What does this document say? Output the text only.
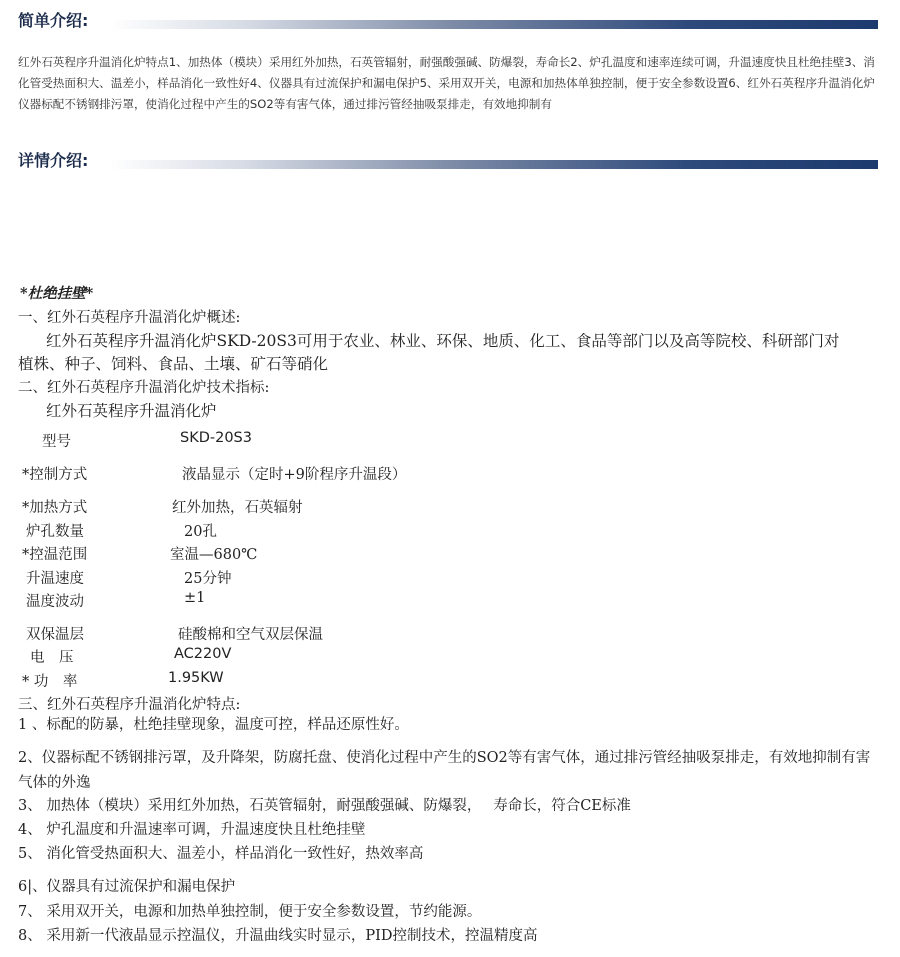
简单介绍:
红外石英程序升温消化炉特点1、加热体（模块）采用红外加热，石英管辐射，耐强酸强碱、防爆裂，寿命长2、炉孔温度和速率连续可调，升温速度快且杜绝挂壁3、消化管受热面积大、温差小，样品消化一致性好4、仪器具有过流保护和漏电保护5、采用双开关，电源和加热体单独控制，便于安全参数设置6、红外石英程序升温消化炉仪器标配不锈钢排污罩，使消化过程中产生的SO2等有害气体，通过排污管经抽吸泵排走，有效地抑制有
详情介绍:
*杜绝挂壁*
一、红外石英程序升温消化炉概述:
红外石英程序升温消化炉SKD-20S3可用于农业、林业、环保、地质、化工、食品等部门以及高等院校、科研部门对
植株、种子、饲料、食品、土壤、矿石等硝化
二、红外石英程序升温消化炉技术指标:
红外石英程序升温消化炉
型号	SKD-20S3
*控制方式	液晶显示（定时+9阶程序升温段）
*加热方式	红外加热，石英辐射
炉孔数量	20孔
*控温范围	室温—680℃
升温速度	25分钟
温度波动	±1
双保温层	硅酸棉和空气双层保温
电　压	AC220V
* 功　率	1.95KW
三、红外石英程序升温消化炉特点:
1 、标配的防暴，杜绝挂壁现象，温度可控，样品还原性好。
2、仪器标配不锈钢排污罩，及升降架，防腐托盘、使消化过程中产生的SO2等有害气体，通过排污管经抽吸泵排走，有效地抑制有害气体的外逸
3、 加热体（模块）采用红外加热，石英管辐射，耐强酸强碱、防爆裂，　 寿命长，符合CE标准
4、 炉孔温度和升温速率可调，升温速度快且杜绝挂壁
5、 消化管受热面积大、温差小，样品消化一致性好，热效率高
6|、仪器具有过流保护和漏电保护
7、 采用双开关，电源和加热单独控制，便于安全参数设置，节约能源。
8、 采用新一代液晶显示控温仪，升温曲线实时显示，PID控制技术，控温精度高
